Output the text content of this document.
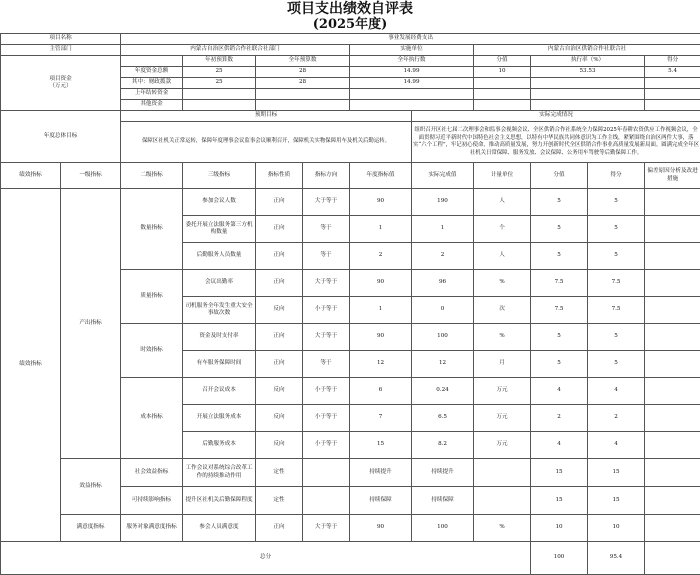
项目支出绩效自评表
(2025年度)
项目名称		事业发展经费支出									
主管部门		内蒙古自治区供销合作社联合社部门				实施单位		内蒙古自治区供销合作社联合社			

项目资金
（万元）			年初预算数	全年预算数		全年执行数		分值	执行率（%）		得分
		年度资金总额	25	28		14.99		10	53.53		5.4
		其中：财政拨款	25	28		14.99					
		上年结转资金									
		其他资金									
年度总体目标		预期目标					实际完成情况				
		保障区社机关正常运转，保障年度理事会议监事会议顺利召开，保障机关实物保障用车及机关后勤运转。					组织召开区社七届二次理事会和监事会视频会议、全区供销合作社系统全力保障2025年春耕农资供应工作视频会议，全面贯彻习近平新时代中国特色社会主义思想，以特有中华民族共同体意识为工作主线，紧紧围绕自治区两件大事，落实“六个工程”，牢记初心使命，推动高质量发展，努力开创新时代全区供销合作事业高质量发展新局面。圆满完成全年区社机关日常保障、服务发放、会议保障、公务用车驾驶等后勤保障工作。				
绩效指标	一级指标	二级指标	三级指标	指标性质	指标方向	年度指标值	实际完成值	计量单位	分值	得分	偏差原因分析及改进措施
绩效指标	产出指标	数量指标	参加会议人数	正向	大于等于	90	190	人	5	5	
			委托开展立法服务第三方机构数量	正向	等于	1	1	个	5	5	
			后勤服务人员数量	正向	等于	2	2	人	5	5	
		质量指标	会议出勤率	正向	大于等于	90	96	%	7.5	7.5	
			司机服务全年发生重大安全事故次数	反向	小于等于	1	0	次	7.5	7.5	
		时效指标	资金及时支付率	正向	大于等于	90	100	%	5	5	
			有车服务保障时间	正向	等于	12	12	月	5	5	
		成本指标	召开会议成本	反向	小于等于	6	0.24	万元	4	4	
			开展立法服务成本	反向	小于等于	7	6.5	万元	2	2	
			后勤服务成本	反向	小于等于	15	8.2	万元	4	4	
	效益指标	社会效益指标	工作会议对系统综合改革工作的持续推动作用	定性		持续提升	持续提升		15	15	
		可持续影响指标	提升区社机关后勤保障程度	定性		持续保障	持续保障		15	15	
	满意度指标	服务对象满意度指标	参会人员满意度	正向	大于等于	90	100	%	10	10	
总分									100	95.4	
